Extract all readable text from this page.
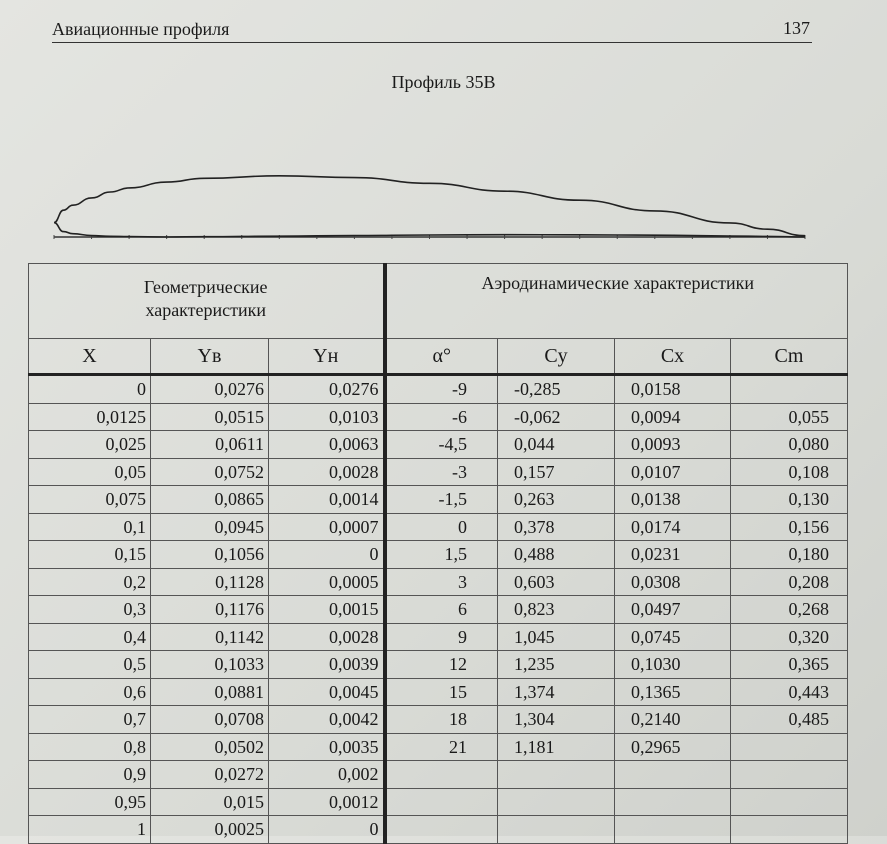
Авиационные профиля	137
Профиль 35В
Геометрические характеристики			Аэродинамические характеристики			
X	Yв	Yн	α°	Cy	Cx	Cm
0	0,0276	0,0276	-9	-0,285	0,0158	
0,0125	0,0515	0,0103	-6	-0,062	0,0094	0,055
0,025	0,0611	0,0063	-4,5	0,044	0,0093	0,080
0,05	0,0752	0,0028	-3	0,157	0,0107	0,108
0,075	0,0865	0,0014	-1,5	0,263	0,0138	0,130
0,1	0,0945	0,0007	0	0,378	0,0174	0,156
0,15	0,1056	0	1,5	0,488	0,0231	0,180
0,2	0,1128	0,0005	3	0,603	0,0308	0,208
0,3	0,1176	0,0015	6	0,823	0,0497	0,268
0,4	0,1142	0,0028	9	1,045	0,0745	0,320
0,5	0,1033	0,0039	12	1,235	0,1030	0,365
0,6	0,0881	0,0045	15	1,374	0,1365	0,443
0,7	0,0708	0,0042	18	1,304	0,2140	0,485
0,8	0,0502	0,0035	21	1,181	0,2965	
0,9	0,0272	0,002				
0,95	0,015	0,0012				
1	0,0025	0				
